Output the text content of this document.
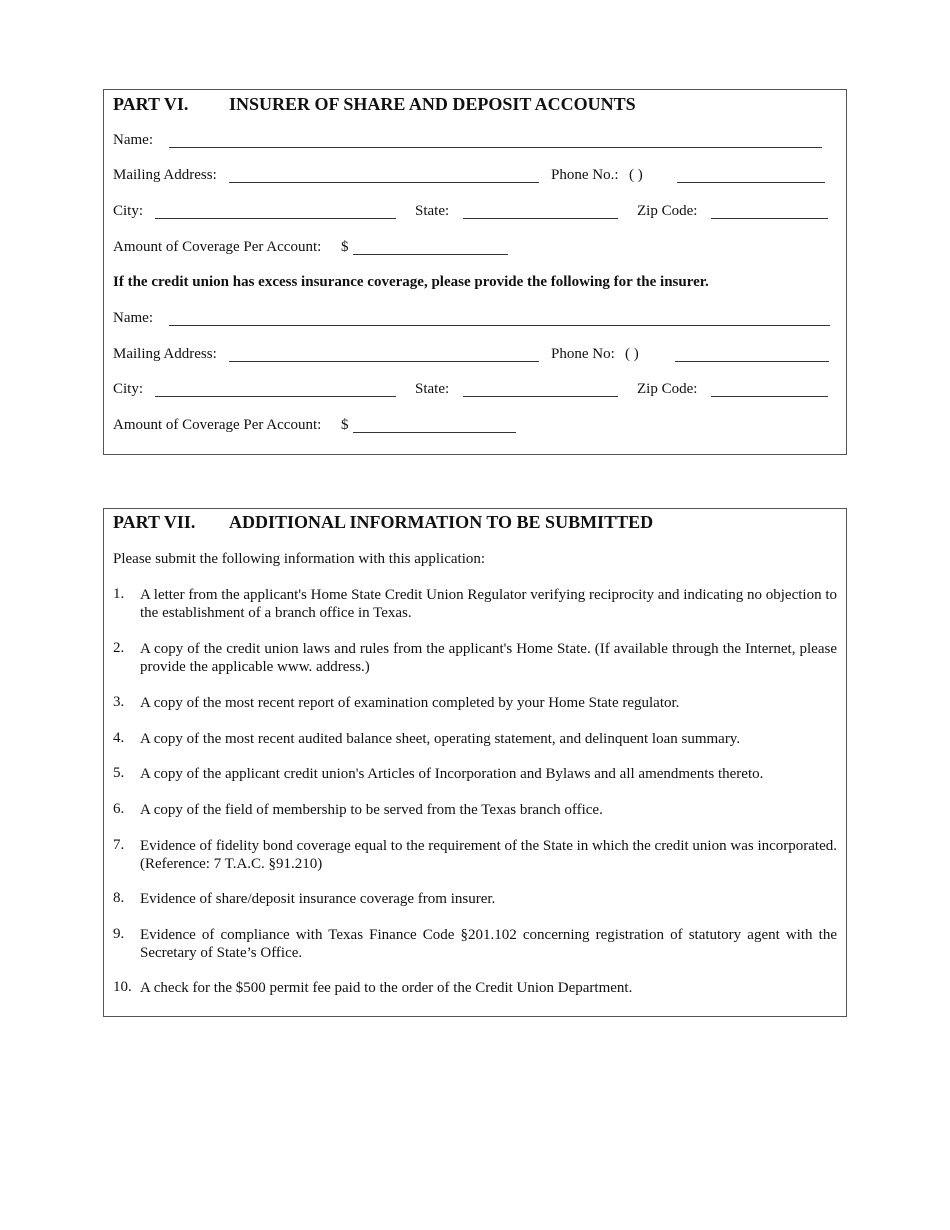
PART VI. INSURER OF SHARE AND DEPOSIT ACCOUNTS
Name:
Mailing Address:	Phone No.: ( )
City:	State:	Zip Code:
Amount of Coverage Per Account: $
If the credit union has excess insurance coverage, please provide the following for the insurer.
Name:
Mailing Address:	Phone No: ( )
City:	State:	Zip Code:
Amount of Coverage Per Account: $
PART VII. ADDITIONAL INFORMATION TO BE SUBMITTED
Please submit the following information with this application:
1. A letter from the applicant's Home State Credit Union Regulator verifying reciprocity and indicating no objection to the establishment of a branch office in Texas.
2. A copy of the credit union laws and rules from the applicant's Home State. (If available through the Internet, please provide the applicable www. address.)
3. A copy of the most recent report of examination completed by your Home State regulator.
4. A copy of the most recent audited balance sheet, operating statement, and delinquent loan summary.
5. A copy of the applicant credit union's Articles of Incorporation and Bylaws and all amendments thereto.
6. A copy of the field of membership to be served from the Texas branch office.
7. Evidence of fidelity bond coverage equal to the requirement of the State in which the credit union was incorporated. (Reference: 7 T.A.C. §91.210)
8. Evidence of share/deposit insurance coverage from insurer.
9. Evidence of compliance with Texas Finance Code §201.102 concerning registration of statutory agent with the Secretary of State’s Office.
10. A check for the $500 permit fee paid to the order of the Credit Union Department.
